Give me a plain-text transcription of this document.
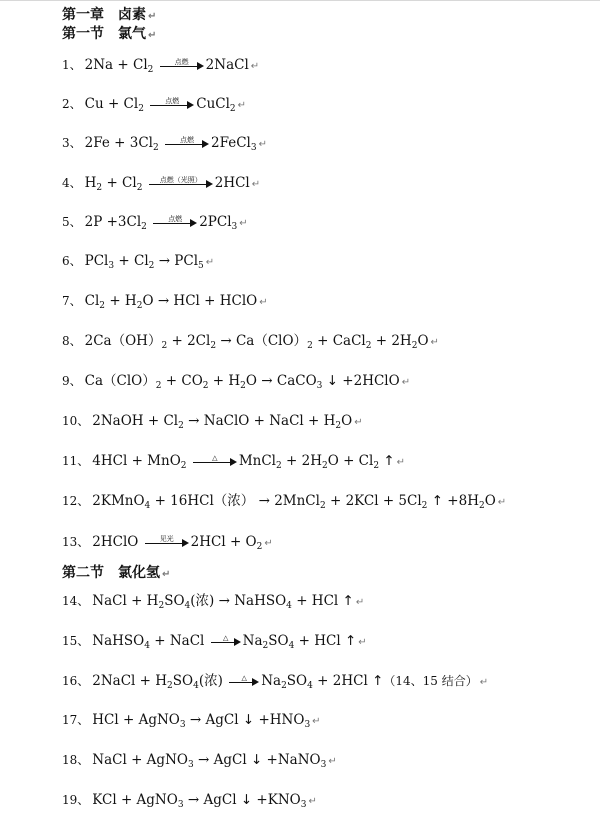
第一章　卤素 ↵
第一节　氯气 ↵
1、 $2Na + Cl_2$
点燃	2NaCl ↵
2、 $Cu + Cl_2$
点燃	CuCl$_2$ ↵
3、 $2Fe + 3Cl_2$
点燃	2FeCl$_3$ ↵
4、 $H_2 + Cl_2$
点燃（光照） 2HCl ↵
5、 $2P +3Cl_2$
点燃	2PCl$_3$ ↵
6、 $PCl_3 + Cl_2 \to PCl_5$ ↵
7、 $Cl_2 + H_2O$ → HCl + HClO ↵
8、 $2Ca(OH)_2 + 2Cl_2 \to Ca(ClO)_2$ + CaCl$_2$ + $2H_2O$ ↵
9、 $Ca(ClO)_2 + CO_2 + H_2O$ → CaCO$_3$ ↓ +2HClO ↵
10、 2NaOH + $Cl_2$ → NaClO + NaCl + $H_2O$ ↵
11、 4HCl + MnO$_2$
△	MnCl$_2$ + $2H_2O + Cl_2$ ↑ ↵
12、 2KMnO$_4$ + 16HCl（浓） → 2MnCl$_2$ + $2KCl + 5Cl_2$ ↑ $+8H_2O$ ↵
13、 2HClO	见光	$2HCl + O_2$ ↵
第二节　氯化氢 ↵
14、 NaCl + $H_2SO_4$(浓) → NaHSO$_4$ + HCl ↑ ↵
15、 NaHSO$_4$ + NaCl	△	$Na_2SO_4$ + HCl ↑ ↵
16、 2NaCl + $H_2SO_4$(浓)	△	$Na_2SO_4 + 2HCl$ ↑（14、15 结合） ↵
17、 HCl + AgNO$_3$ → AgCl ↓ $+HNO_3$ ↵
18、 NaCl + AgNO$_3$ → AgCl ↓ +NaNO$_3$ ↵
19、 KCl + AgNO$_3$ → AgCl ↓ $+KNO_3$ ↵
